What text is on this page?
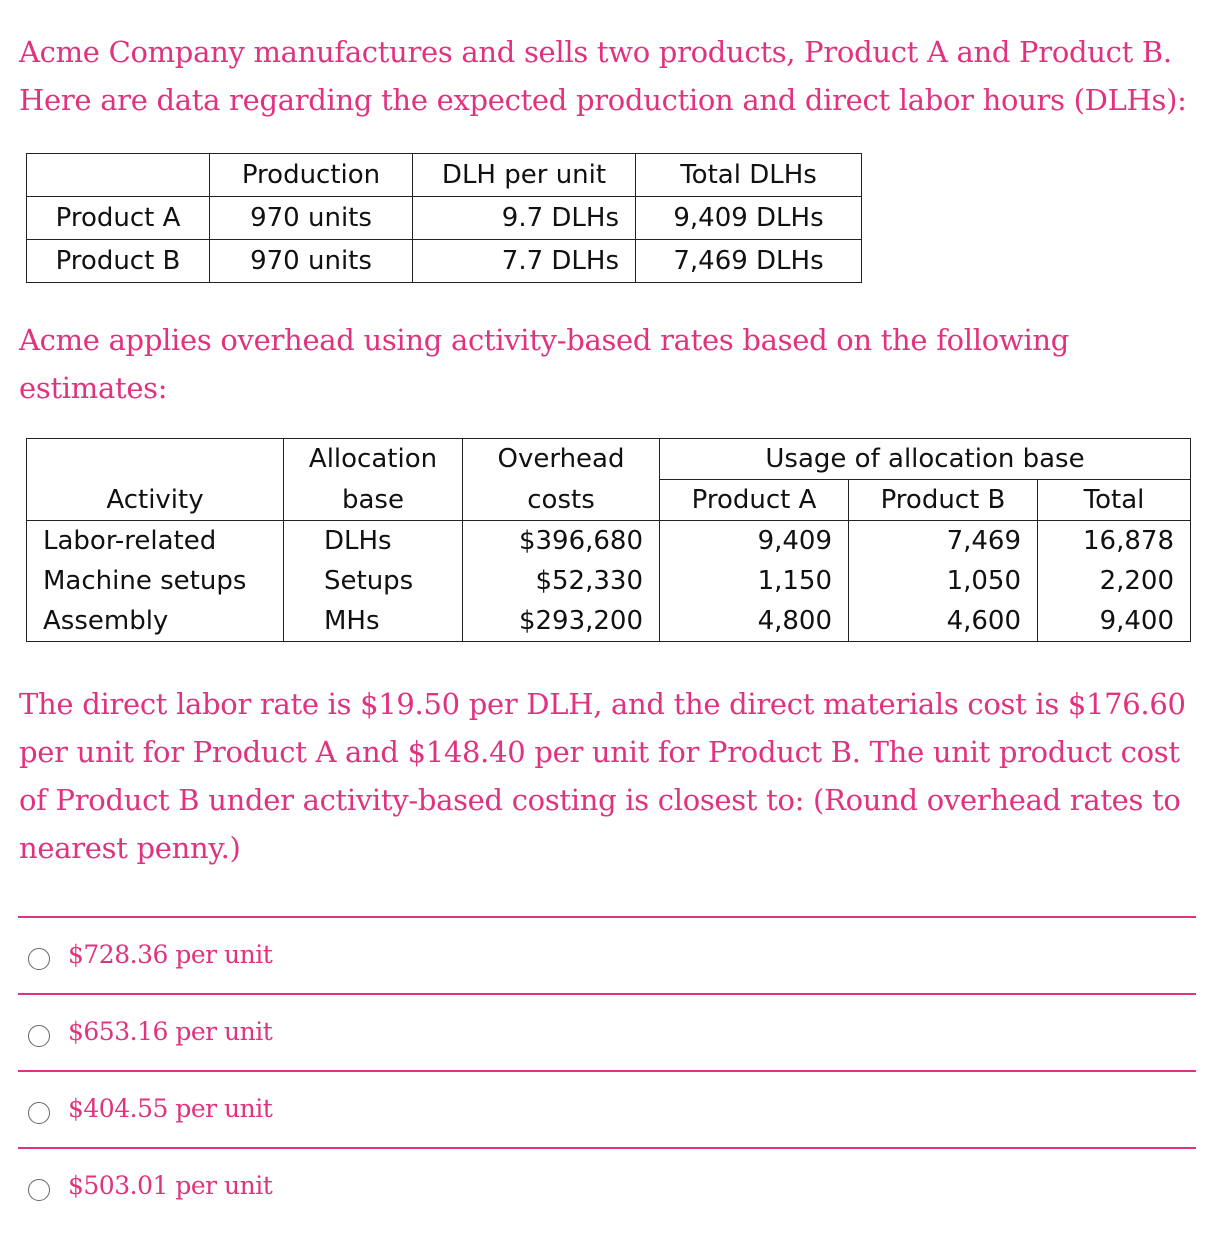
Acme Company manufactures and sells two products, Product A and Product B. Here are data regarding the expected production and direct labor hours (DLHs):
	Production	DLH per unit	Total DLHs
Product A	970 units	9.7 DLHs	9,409 DLHs
Product B	970 units	7.7 DLHs	7,469 DLHs
Acme applies overhead using activity-based rates based on the following estimates:
	Allocation	Overhead	Usage of allocation base		
Activity	base	costs	Product A	Product B	Total
Labor-related	DLHs	$396,680	9,409	7,469	16,878
Machine setups	Setups	$52,330	1,150	1,050	2,200
Assembly	MHs	$293,200	4,800	4,600	9,400
The direct labor rate is $19.50 per DLH, and the direct materials cost is $176.60 per unit for Product A and $148.40 per unit for Product B. The unit product cost of Product B under activity-based costing is closest to: (Round overhead rates to nearest penny.)
$728.36 per unit
$653.16 per unit
$404.55 per unit
$503.01 per unit
